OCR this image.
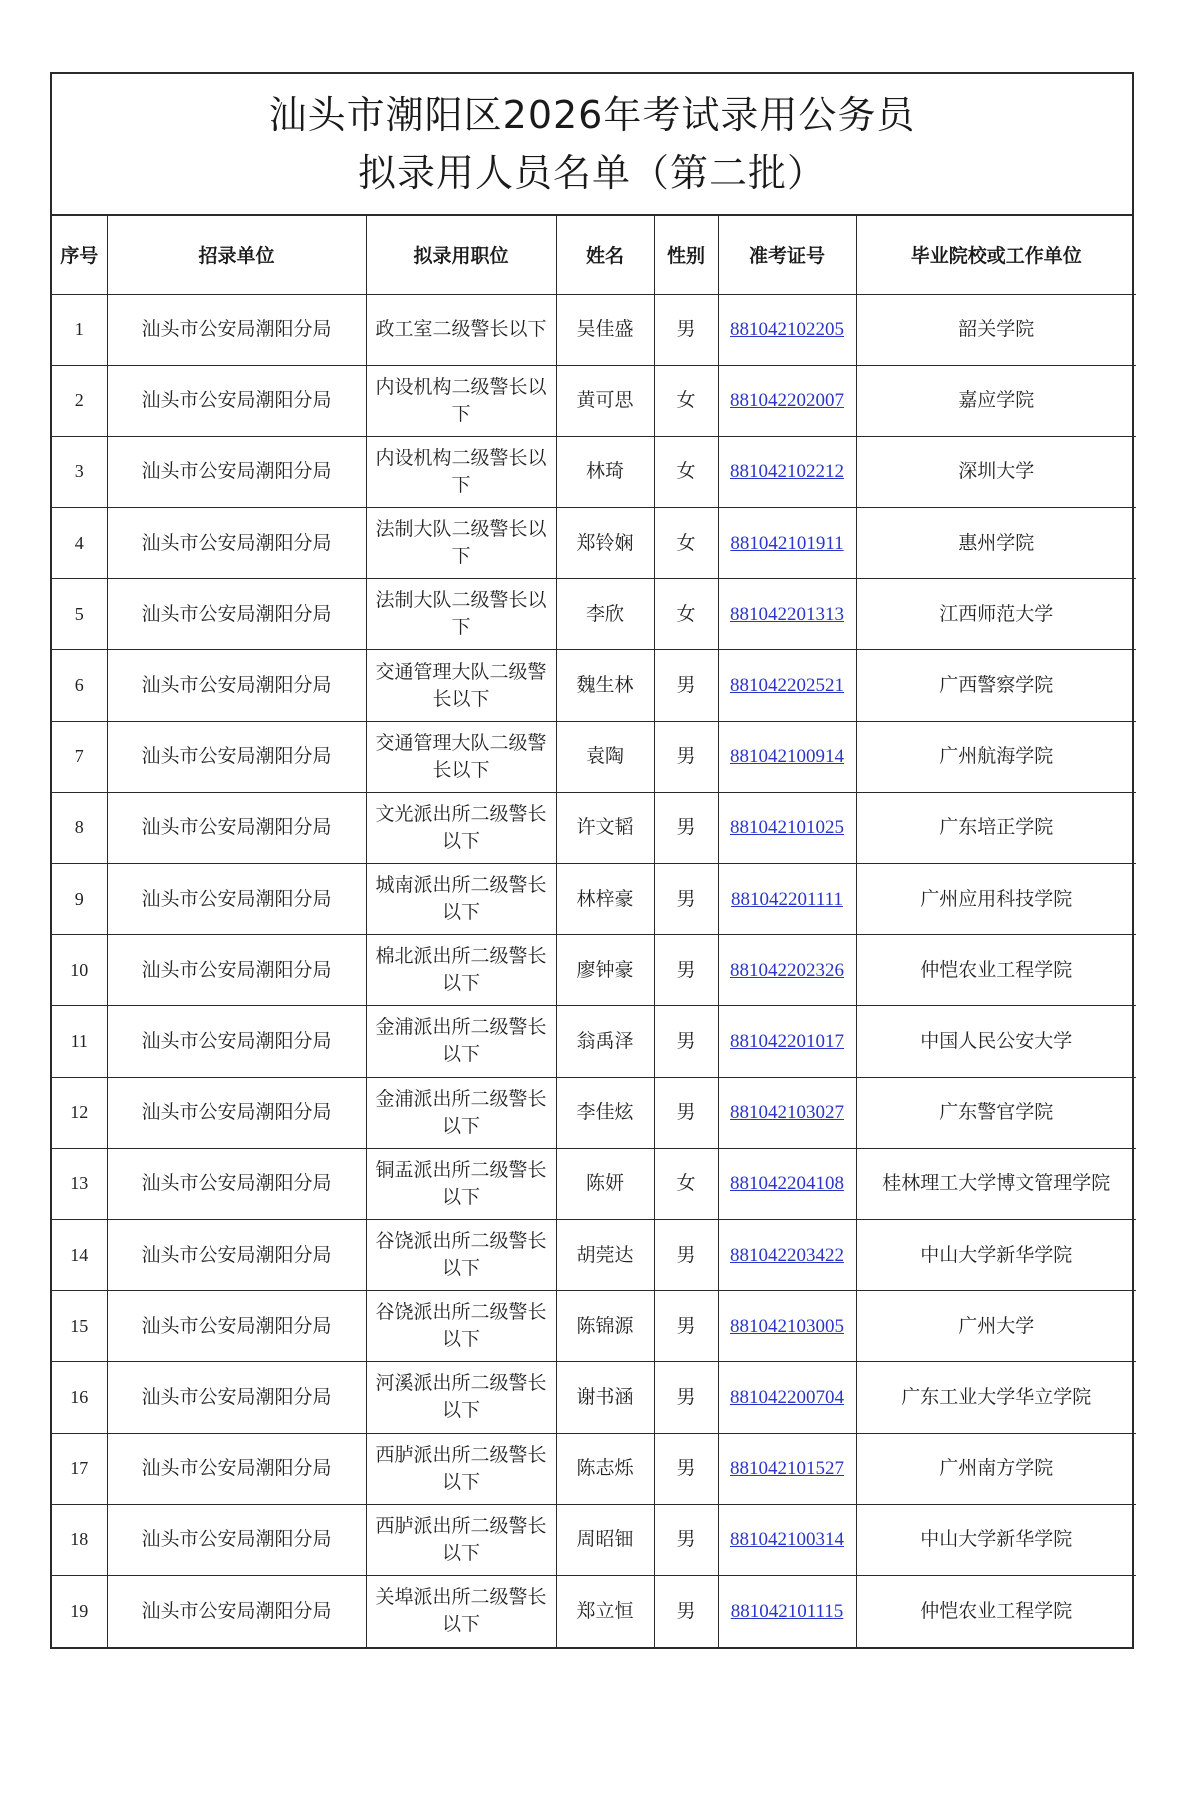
汕头市潮阳区2026年考试录用公务员
拟录用人员名单（第二批）
序号	招录单位	拟录用职位	姓名	性别	准考证号	毕业院校或工作单位
1	汕头市公安局潮阳分局	政工室二级警长以下	吴佳盛	男	881042102205	韶关学院
2	汕头市公安局潮阳分局	内设机构二级警长以下	黄可思	女	881042202007	嘉应学院
3	汕头市公安局潮阳分局	内设机构二级警长以下	林琦	女	881042102212	深圳大学
4	汕头市公安局潮阳分局	法制大队二级警长以下	郑铃娴	女	881042101911	惠州学院
5	汕头市公安局潮阳分局	法制大队二级警长以下	李欣	女	881042201313	江西师范大学
6	汕头市公安局潮阳分局	交通管理大队二级警长以下	魏生林	男	881042202521	广西警察学院
7	汕头市公安局潮阳分局	交通管理大队二级警长以下	袁陶	男	881042100914	广州航海学院
8	汕头市公安局潮阳分局	文光派出所二级警长以下	许文韬	男	881042101025	广东培正学院
9	汕头市公安局潮阳分局	城南派出所二级警长以下	林梓豪	男	881042201111	广州应用科技学院
10	汕头市公安局潮阳分局	棉北派出所二级警长以下	廖钟豪	男	881042202326	仲恺农业工程学院
11	汕头市公安局潮阳分局	金浦派出所二级警长以下	翁禹泽	男	881042201017	中国人民公安大学
12	汕头市公安局潮阳分局	金浦派出所二级警长以下	李佳炫	男	881042103027	广东警官学院
13	汕头市公安局潮阳分局	铜盂派出所二级警长以下	陈妍	女	881042204108	桂林理工大学博文管理学院
14	汕头市公安局潮阳分局	谷饶派出所二级警长以下	胡莞达	男	881042203422	中山大学新华学院
15	汕头市公安局潮阳分局	谷饶派出所二级警长以下	陈锦源	男	881042103005	广州大学
16	汕头市公安局潮阳分局	河溪派出所二级警长以下	谢书涵	男	881042200704	广东工业大学华立学院
17	汕头市公安局潮阳分局	西胪派出所二级警长以下	陈志烁	男	881042101527	广州南方学院
18	汕头市公安局潮阳分局	西胪派出所二级警长以下	周昭钿	男	881042100314	中山大学新华学院
19	汕头市公安局潮阳分局	关埠派出所二级警长以下	郑立恒	男	881042101115	仲恺农业工程学院
